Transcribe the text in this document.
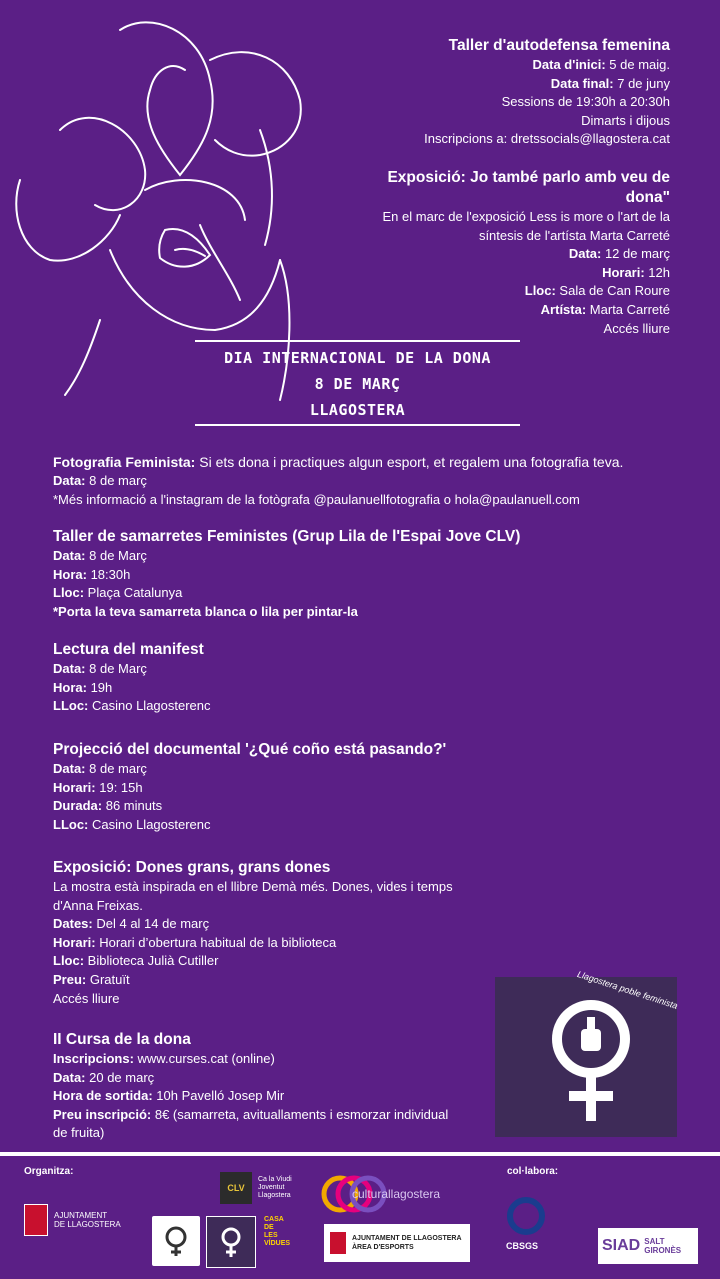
Taller d'autodefensa femenina
Data d'inici: 5 de maig.
Data final: 7 de juny
Sessions de 19:30h a 20:30h
Dimarts i dijous
Inscripcions a: dretssocials@llagostera.cat
Exposició: Jo també parlo amb veu de
dona"
En el marc de l'exposició Less is more o l'art de la
síntesis de l'artísta Marta Carreté
Data: 12 de març
Horari: 12h
Lloc: Sala de Can Roure
Artísta: Marta Carreté
Accés lliure
DIA INTERNACIONAL DE LA DONA
8 DE MARÇ
LLAGOSTERA
Fotografia Feminista: Si ets dona i practiques algun esport, et regalem una fotografia teva.
Data: 8 de març
*Més informació a l'instagram de la fotògrafa @paulanuellfotografia o hola@paulanuell.com
Taller de samarretes Feministes (Grup Lila de l'Espai Jove CLV)
Data: 8 de Març
Hora: 18:30h
Lloc: Plaça Catalunya
*Porta la teva samarreta blanca o lila per pintar-la
Lectura del manifest
Data: 8 de Març
Hora: 19h
LLoc: Casino Llagosterenc
Projecció del documental '¿Qué coño está pasando?'
Data: 8 de març
Horari: 19: 15h
Durada: 86 minuts
LLoc: Casino Llagosterenc
Exposició: Dones grans, grans dones
La mostra està inspirada en el llibre Demà més. Dones, vides i temps
d'Anna Freixas.
Dates: Del 4 al 14 de març
Horari: Horari d’obertura habitual de la biblioteca
Lloc: Biblioteca Julià Cutiller
Preu: Gratuït
Accés lliure
II Cursa de la dona
Inscripcions: www.curses.cat (online)
Data: 20 de març
Hora de sortida: 10h Pavelló Josep Mir
Preu inscripció: 8€ (samarreta, avituallaments i esmorzar individual
de fruita)
Llagostera poble feminista
Organitza:	col·labora:
AJUNTAMENT
DE LLAGOSTERA
CLV
Ca la Viudi
Joventut
Llagostera
CASA
DE
LES
VÍDUES
culturallagostera
AJUNTAMENT DE LLAGOSTERA
ÀREA D'ESPORTS	CBSGS	SIAD SALT
GIRONÈS
